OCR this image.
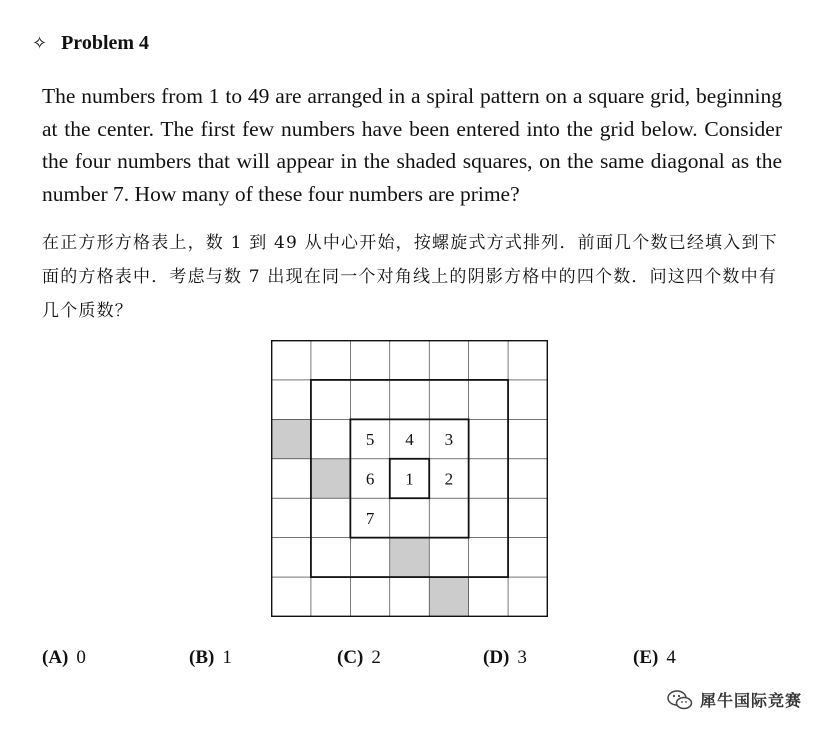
✧ Problem 4

The numbers from 1 to 49 are arranged in a spiral pattern on a square grid, beginning at the center. The first few numbers have been entered into the grid below. Consider the four numbers that will appear in the shaded squares, on the same diagonal as the number 7. How many of these four numbers are prime?

在正方形方格表上，数 1 到 49 从中心开始，按螺旋式方式排列．前面几个数已经填入到下面的方格表中．考虑与数 7 出现在同一个对角线上的阴影方格中的四个数．问这四个数中有几个质数？

5 4 3
6 1 2
7
(A) 0	(B) 1	(C) 2	(D) 3	(E) 4
犀牛国际竞赛
